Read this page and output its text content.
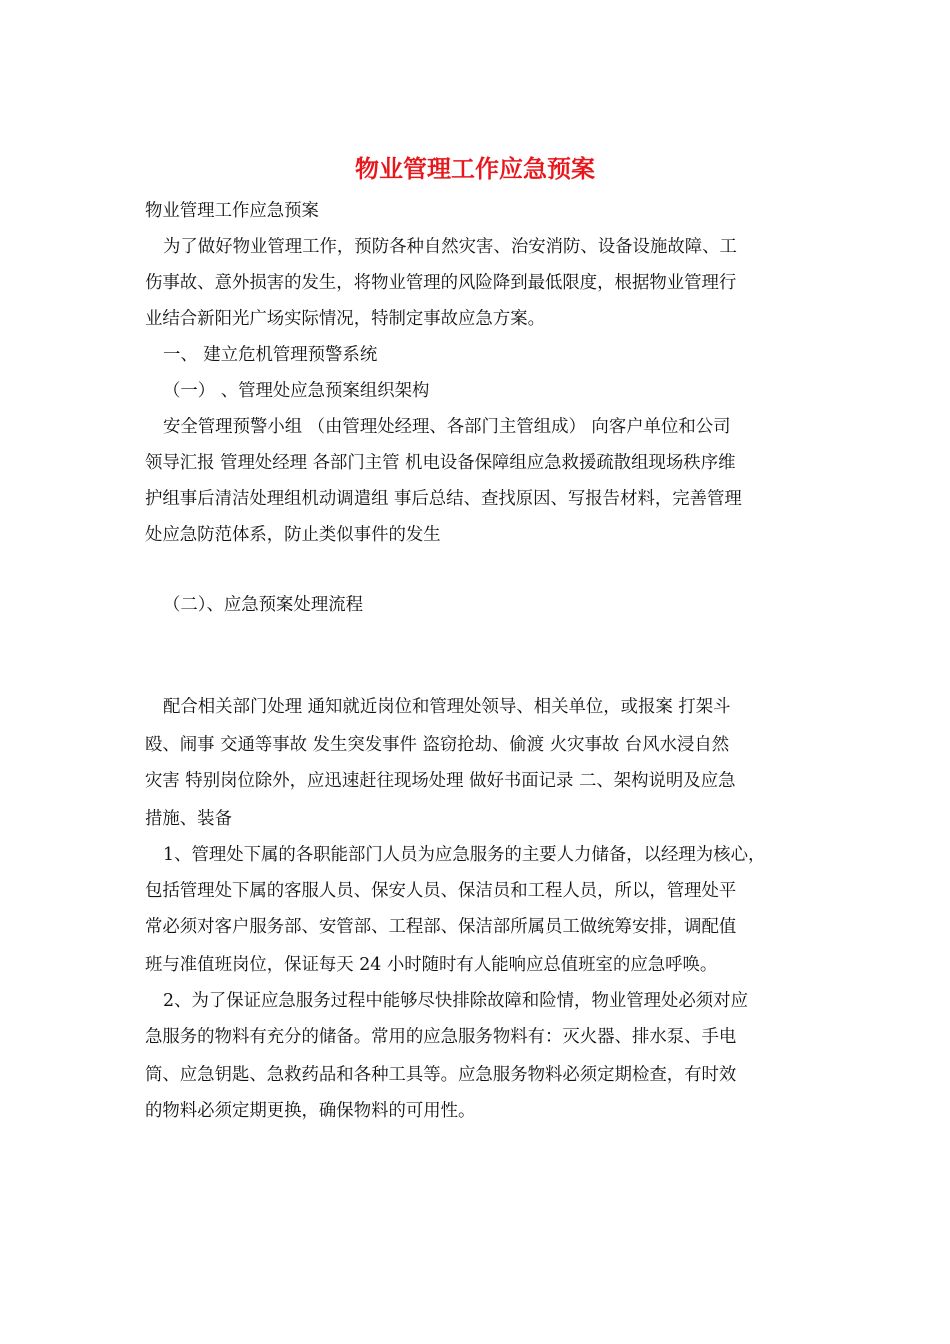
物业管理工作应急预案
物业管理工作应急预案
为了做好物业管理工作，预防各种自然灾害、治安消防、设备设施故障、工
伤事故、意外损害的发生，将物业管理的风险降到最低限度，根据物业管理行
业结合新阳光广场实际情况，特制定事故应急方案。
一、 建立危机管理预警系统
（一） 、管理处应急预案组织架构
安全管理预警小组 （由管理处经理、各部门主管组成） 向客户单位和公司
领导汇报 管理处经理 各部门主管 机电设备保障组应急救援疏散组现场秩序维
护组事后清洁处理组机动调遣组 事后总结、查找原因、写报告材料，完善管理
处应急防范体系，防止类似事件的发生
（二）、应急预案处理流程
配合相关部门处理 通知就近岗位和管理处领导、相关单位，或报案 打架斗
殴、闹事 交通等事故 发生突发事件 盗窃抢劫、偷渡 火灾事故 台风水浸自然
灾害 特别岗位除外，应迅速赶往现场处理 做好书面记录 二、架构说明及应急
措施、装备
1、管理处下属的各职能部门人员为应急服务的主要人力储备，以经理为核心，
包括管理处下属的客服人员、保安人员、保洁员和工程人员，所以，管理处平
常必须对客户服务部、安管部、工程部、保洁部所属员工做统筹安排，调配值
班与准值班岗位，保证每天 24 小时随时有人能响应总值班室的应急呼唤。
2、为了保证应急服务过程中能够尽快排除故障和险情，物业管理处必须对应
急服务的物料有充分的储备。常用的应急服务物料有：灭火器、排水泵、手电
筒、应急钥匙、急救药品和各种工具等。应急服务物料必须定期检查，有时效
的物料必须定期更换，确保物料的可用性。
